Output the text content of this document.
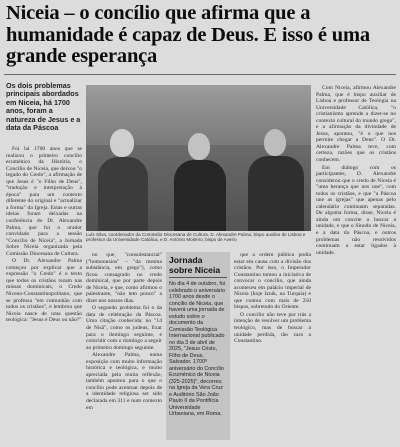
Niceia – o concílio que afirma que a humanidade é capaz de Deus. E isso é uma grande esperança
Os dois problemas principais abordados em Niceia, há 1700 anos, foram a natureza de Jesus e a data da Páscoa

Foi há 1700 anos que se realizou o primeiro concílio ecuménico da História, o Concílio de Niceia, que deixou "o legado do Credo", a afirmação de que Jesus é "o Filho de Deus", "tradução e interpretação à época" para um contexto diferente do original e "actualizar a forma" da Igreja. Estas e outras ideias foram deixadas na conferência do Dr. Alexandre Palma, que foi o orador convidado para a sessão "Concílio de Niceia", a Jornada Sobre Niceia organizada pela Comissão Diocesana de Cultura.

O Dr. Alexandre Palma começou por explicar que a expressão "o Credo" é o texto que todos os cristãos rezam nas missas dominicais, o Credo Niceno-Constantinopolitano, que se professa "em comunhão com todos os cristãos", e lembrou que Niceia nasce de uma questão teológica: "Jesus é Deus ou não?"

Luís Silva, coordenador da Comissão Diocesana de Cultura, D. Alexandre Palma, bispo auxiliar de Lisboa e professor da Universidade Católica, e D. António Moiteiro, bispo de Aveiro

no que, "consubstancial" ("homoousios" – "da mesma substância, em grego"), como ficou consagrado no credo dominical, que por parte depois de Niceia, e que, como afirmou o palestrante, "não tem pouco" a dizer nos nossos dias.

O segundo problema foi o da data de celebração da Páscoa. Uma citação conhecida: no "14 de Nisã", como os judeus, fixar para o domingo seguinte, e coincidir com o domingo a seguir ao primeiro domingo seguinte.

Alexandre Palma, numa exposição com muito informação histórica e teológica, e muito apreciada pela muita reflexão, também apontou para o que o concílio pode acentuar depois de a identidade religiosa ser sido declarada em 311 e num contexto em

Jornada sobre Niceia
No dia 4 de outubro, foi celebrado o aniversário 1700 anos desde o concílio de Niceia, que haverá uma jornada de estudo sobre o documento da Comissão Teológica Internacional publicado no dia 3 de abril de 2025, "Jesus Cristo, Filho de Deus, Salvador. 1700º aniversário do Concílio Ecuménico de Niceia (325-2025)", decorreu na Igreja da Vera Cruz e Auditório São João Paulo II da Pontifícia Universidade Urbaniana, em Roma.

que a ordem pública podia estar em causa com a divisão dos cristãos. Por isso, o Imperador Constantino tomou a iniciativa de convocar o concílio, que ainda aconteceu em palácio imperial de Niceia (hoje Iznik, na Turquia) e que contou com mais de 250 bispos, sobretudo do Oriente.

O concílio não teve por trás a intenção de resolver um problema teológico, mas de buscar a unidade perdida, tão cara a Constantino.

Com Niceia, afirmou Alexandre Palma, que é bispo auxiliar de Lisboa e professor de Teologia na Universidade Católica, "o cristianismo aprende a dizer-se no contexto cultural do mundo grego", e a afirmação da divindade de Jesus, apontou, "é o que nos permite chegar a Deus". O Dr. Alexandre Palma teve, com certeza, razões que os cristãos conhecem.

Em diálogo com os participantes, D. Alexandre considerou que o credo de Niceia é "uma herança que nos une", com todos os cristãos, e que "a Páscoa une as igrejas" que apenas pelo calendário continuam separadas. De alguma forma, disse, Niceia é ainda um convite a buscar a unidade, e que o Sínodo de Niceia, e a data da Páscoa, e outros problemas não resolvidos continuam a estar ligados à unidade.
